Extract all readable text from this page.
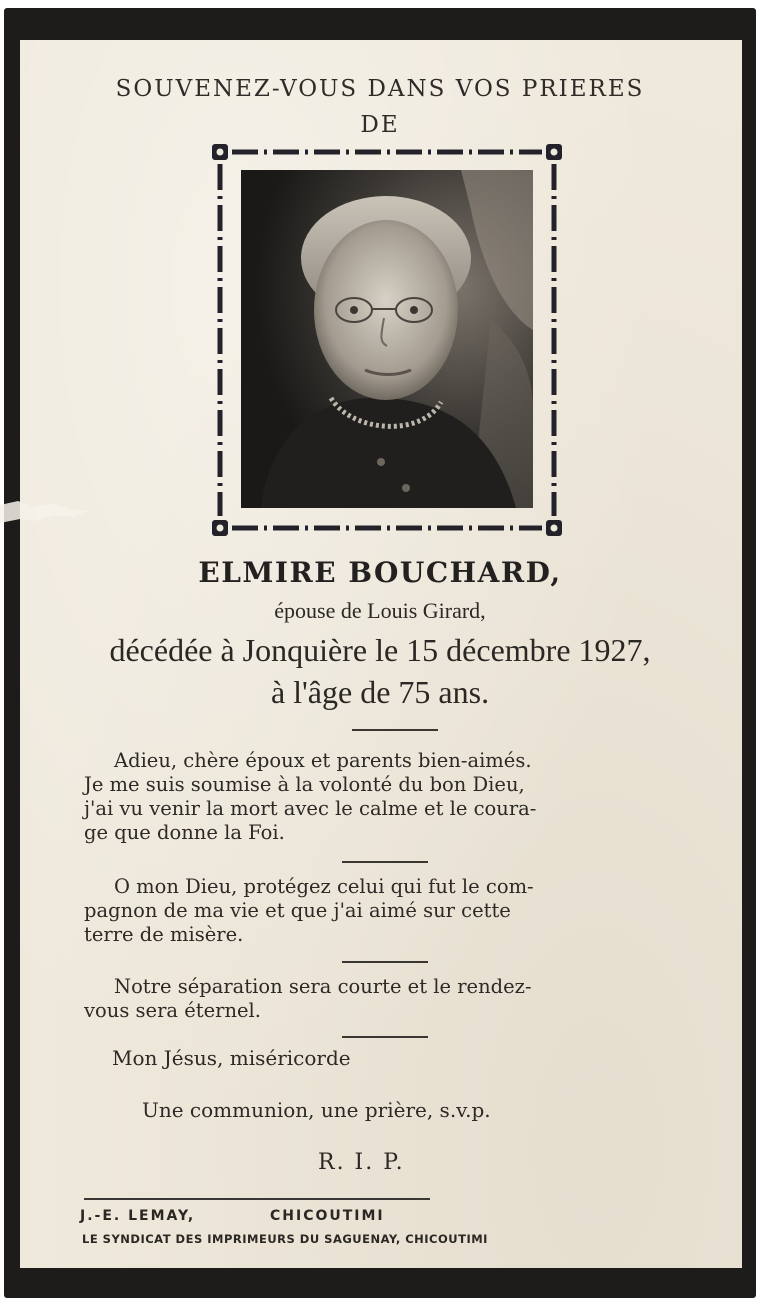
SOUVENEZ-VOUS DANS VOS PRIERES
DE
ELMIRE BOUCHARD,
épouse de Louis Girard,
décédée à Jonquière le 15 décembre 1927,
à l'âge de 75 ans.
Adieu, chère époux et parents bien-aimés.
Je me suis soumise à la volonté du bon Dieu,
j'ai vu venir la mort avec le calme et le coura-
ge que donne la Foi.
O mon Dieu, protégez celui qui fut le com-
pagnon de ma vie et que j'ai aimé sur cette
terre de misère.
Notre séparation sera courte et le rendez-
vous sera éternel.
Mon Jésus, miséricorde
Une communion, une prière, s.v.p.
R. I. P.
J.-E. LEMAY,	CHICOUTIMI
LE SYNDICAT DES IMPRIMEURS DU SAGUENAY, CHICOUTIMI
